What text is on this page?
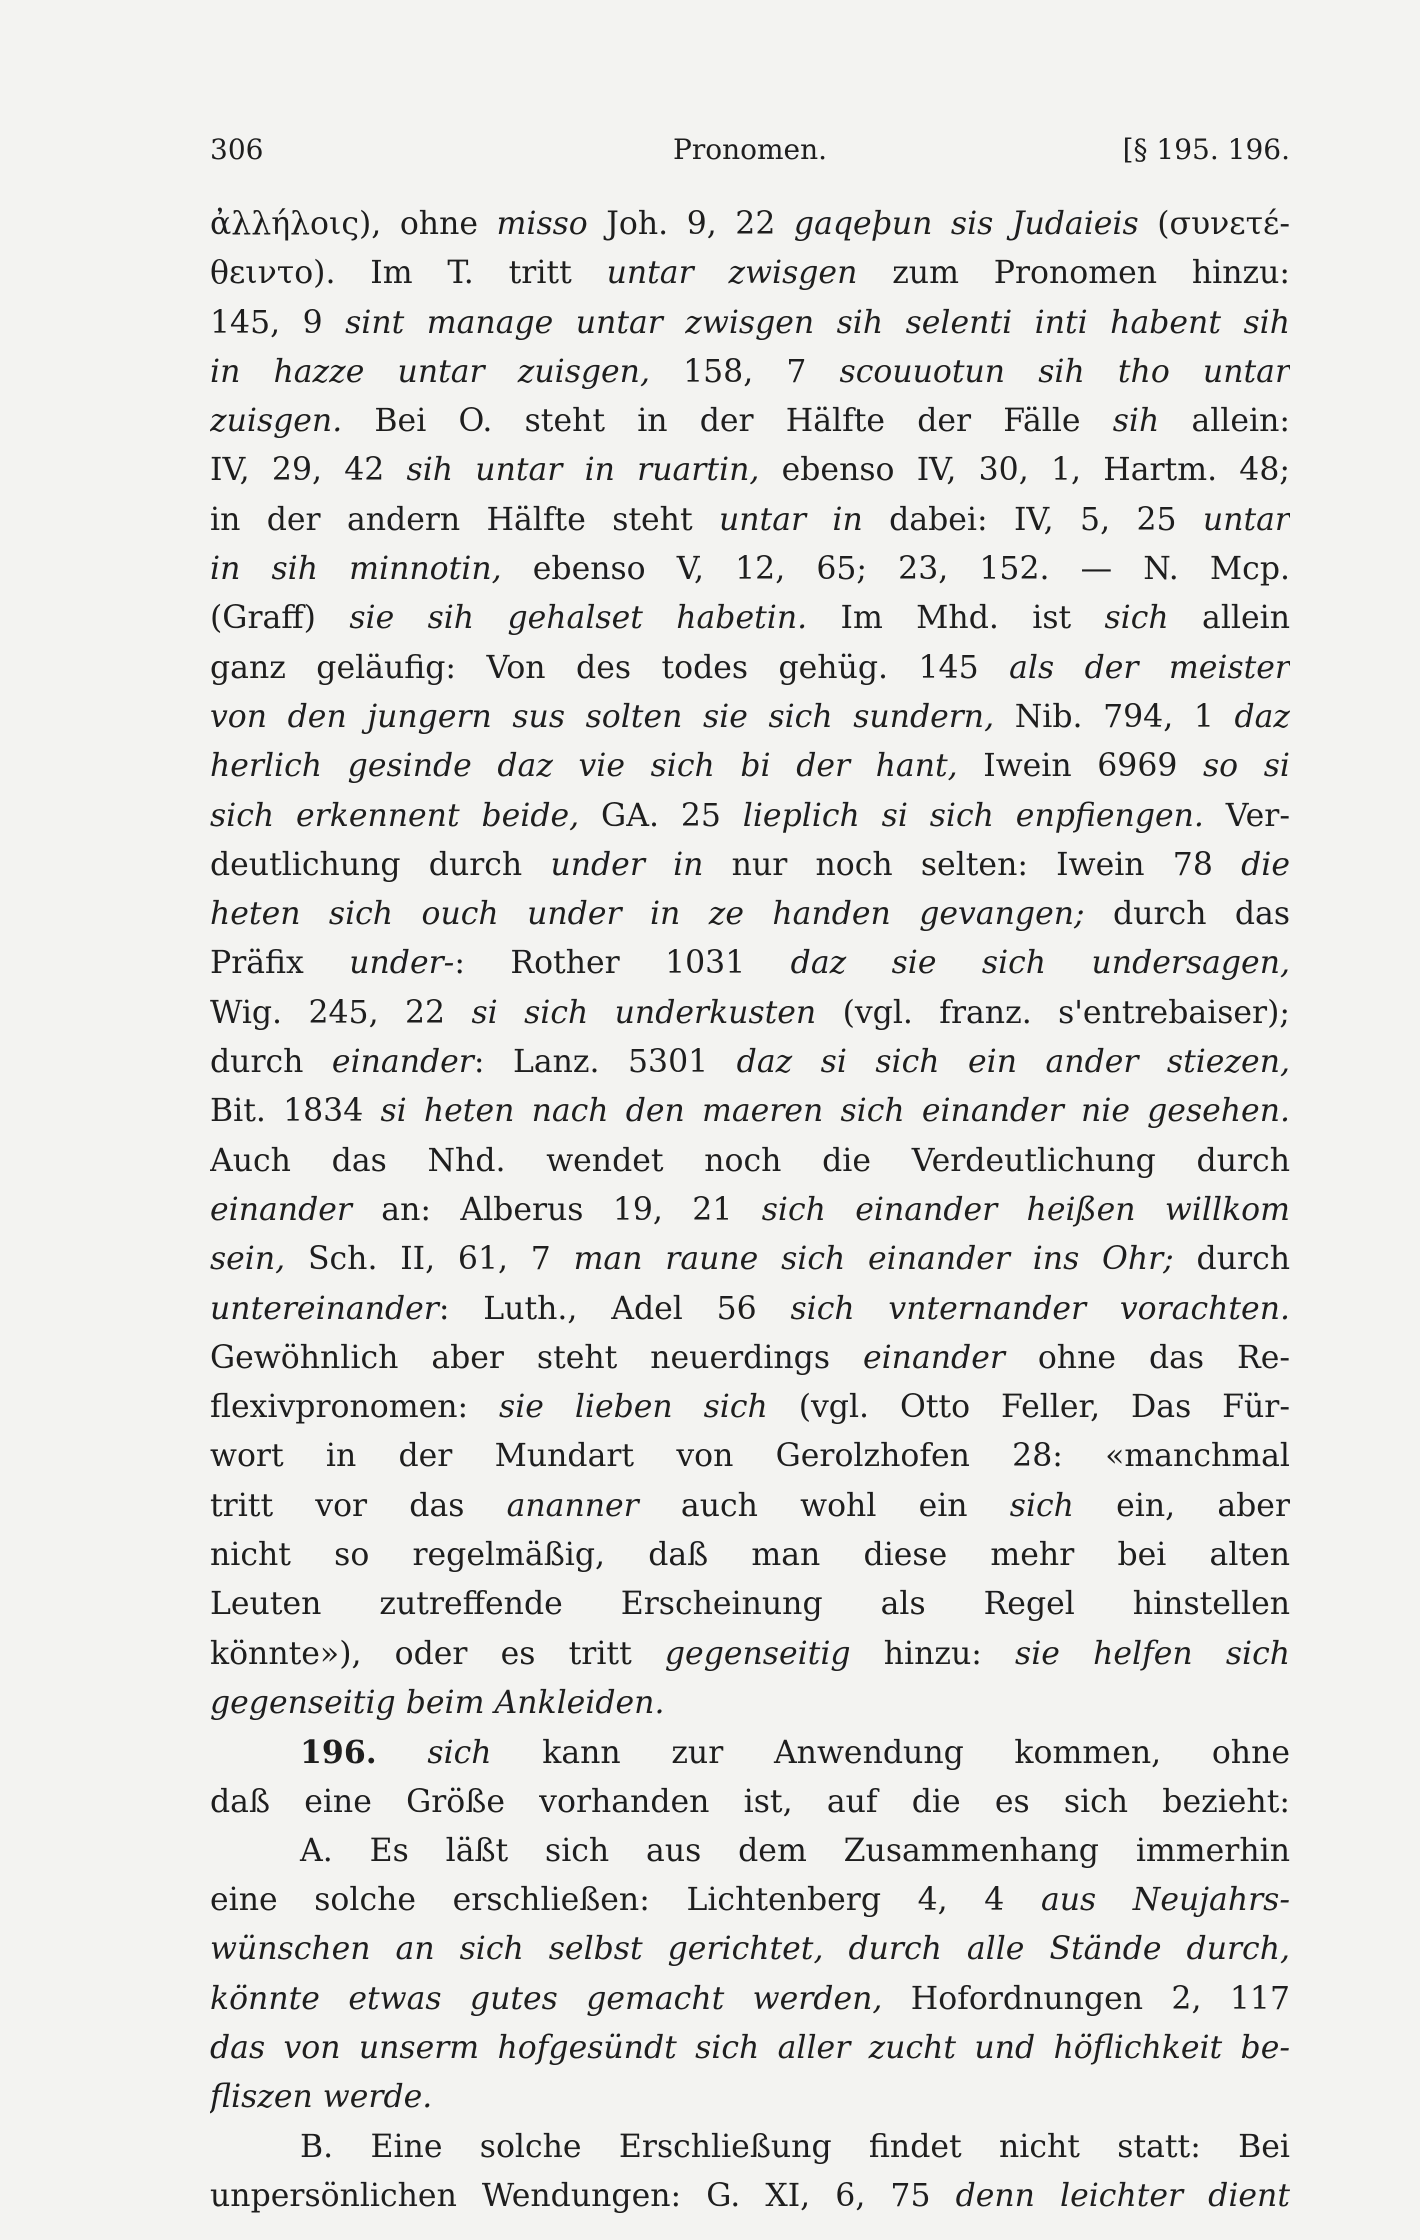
306	Pronomen.	[§ 195. 196.
ἀλλήλοις), ohne misso Joh. 9, 22 gaqeþun sis Judaieis (συνετέ-
θειντο). Im T. tritt untar zwisgen zum Pronomen hinzu:
145, 9 sint manage untar zwisgen sih selenti inti habent sih
in hazze untar zuisgen, 158, 7 scouuotun sih tho untar
zuisgen. Bei O. steht in der Hälfte der Fälle sih allein:
IV, 29, 42 sih untar in ruartin, ebenso IV, 30, 1, Hartm. 48;
in der andern Hälfte steht untar in dabei: IV, 5, 25 untar
in sih minnotin, ebenso V, 12, 65; 23, 152. — N. Mcp.
(Graff) sie sih gehalset habetin. Im Mhd. ist sich allein
ganz geläufig: Von des todes gehüg. 145 als der meister
von den jungern sus solten sie sich sundern, Nib. 794, 1 daz
herlich gesinde daz vie sich bi der hant, Iwein 6969 so si
sich erkennent beide, GA. 25 lieplich si sich enpfiengen. Ver-
deutlichung durch under in nur noch selten: Iwein 78 die
heten sich ouch under in ze handen gevangen; durch das
Präfix under-: Rother 1031 daz sie sich undersagen,
Wig. 245, 22 si sich underkusten (vgl. franz. s'entrebaiser);
durch einander: Lanz. 5301 daz si sich ein ander stiezen,
Bit. 1834 si heten nach den maeren sich einander nie gesehen.
Auch das Nhd. wendet noch die Verdeutlichung durch
einander an: Alberus 19, 21 sich einander heißen willkom
sein, Sch. II, 61, 7 man raune sich einander ins Ohr; durch
untereinander: Luth., Adel 56 sich vnternander vorachten.
Gewöhnlich aber steht neuerdings einander ohne das Re-
flexivpronomen: sie lieben sich (vgl. Otto Feller, Das Für-
wort in der Mundart von Gerolzhofen 28: «manchmal
tritt vor das ananner auch wohl ein sich ein, aber
nicht so regelmäßig, daß man diese mehr bei alten
Leuten zutreffende Erscheinung als Regel hinstellen
könnte»), oder es tritt gegenseitig hinzu: sie helfen sich
gegenseitig beim Ankleiden.
196. sich kann zur Anwendung kommen, ohne
daß eine Größe vorhanden ist, auf die es sich bezieht:
A. Es läßt sich aus dem Zusammenhang immerhin
eine solche erschließen: Lichtenberg 4, 4 aus Neujahrs-
wünschen an sich selbst gerichtet, durch alle Stände durch,
könnte etwas gutes gemacht werden, Hofordnungen 2, 117
das von unserm hofgesündt sich aller zucht und höflichkeit be-
fliszen werde.
B. Eine solche Erschließung findet nicht statt: Bei
unpersönlichen Wendungen: G. XI, 6, 75 denn leichter dient
